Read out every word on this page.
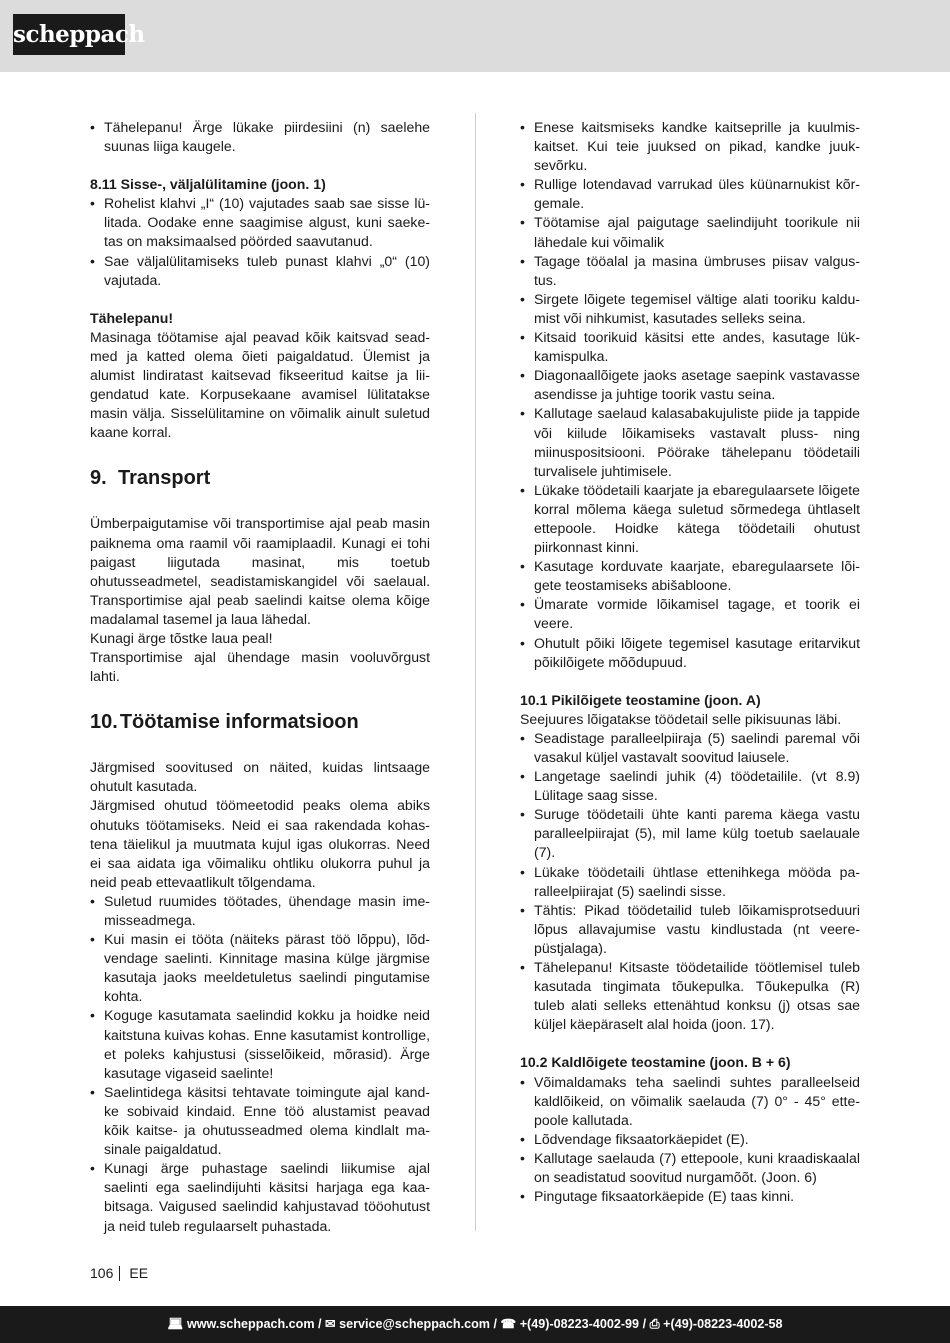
scheppach
• Tähelepanu! Ärge lükake piirdesiini (n) saelehe suunas liiga kaugele.

8.11 Sisse-, väljalülitamine (joon. 1)

• Rohelist klahvi „I“ (10) vajutades saab sae sisse lülitada. Oodake enne saagimise algust, kuni saeketas on maksimaalsed pöörded saavutanud.
• Sae väljalülitamiseks tuleb punast klahvi „0“ (10) vajutada.

Tähelepanu!

Masinaga töötamise ajal peavad kõik kaitsvad seadmed ja katted olema õieti paigaldatud. Ülemist ja alumist lindiratast kaitsevad fikseeritud kaitse ja liigendatud kate. Korpusekaane avamisel lülitatakse masin välja. Sisselülitamine on võimalik ainult suletud kaane korral.

9. Transport

Ümberpaigutamise või transportimise ajal peab masin paiknema oma raamil või raamiplaadil. Kunagi ei tohi paigast liigutada masinat, mis toetub ohutusseadmetel, seadistamiskangidel või saelaual. Transportimise ajal peab saelindi kaitse olema kõige madalamal tasemel ja laua lähedal.

Kunagi ärge tõstke laua peal!

Transportimise ajal ühendage masin vooluvõrgust lahti.

10. Töötamise informatsioon

Järgmised soovitused on näited, kuidas lintsaage ohutult kasutada.

Järgmised ohutud töömeetodid peaks olema abiks ohutuks töötamiseks. Neid ei saa rakendada kohastena täielikul ja muutmata kujul igas olukorras. Need ei saa aidata iga võimaliku ohtliku olukorra puhul ja neid peab ettevaatlikult tõlgendama.

• Suletud ruumides töötades, ühendage masin imemisseadmega.
• Kui masin ei tööta (näiteks pärast töö lõppu), lõdvendage saelinti. Kinnitage masina külge järgmise kasutaja jaoks meeldetuletus saelindi pingutamise kohta.
• Koguge kasutamata saelindid kokku ja hoidke neid kaitstuna kuivas kohas. Enne kasutamist kontrollige, et poleks kahjustusi (sisselõikeid, mõrasid). Ärge kasutage vigaseid saelinte!
• Saelintidega käsitsi tehtavate toimingute ajal kandke sobivaid kindaid. Enne töö alustamist peavad kõik kaitse- ja ohutusseadmed olema kindlalt masinale paigaldatud.
• Kunagi ärge puhastage saelindi liikumise ajal saelinti ega saelindijuhti käsitsi harjaga ega kaabitsaga. Vaigused saelindid kahjustavad tööohutust ja neid tuleb regulaarselt puhastada.
• Enese kaitsmiseks kandke kaitseprille ja kuulmiskaitset. Kui teie juuksed on pikad, kandke juuksevõrku.
• Rullige lotendavad varrukad üles küünarnukist kõrgemale.
• Töötamise ajal paigutage saelindijuht toorikule nii lähedale kui võimalik
• Tagage tööalal ja masina ümbruses piisav valgustus.
• Sirgete lõigete tegemisel vältige alati tooriku kaldumist või nihkumist, kasutades selleks seina.
• Kitsaid toorikuid käsitsi ette andes, kasutage lükkamispulka.
• Diagonaallõigete jaoks asetage saepink vastavasse asendisse ja juhtige toorik vastu seina.
• Kallutage saelaud kalasabakujuliste piide ja tappide või kiilude lõikamiseks vastavalt pluss- ning miinuspositsiooni. Pöörake tähelepanu töödetaili turvalisele juhtimisele.
• Lükake töödetaili kaarjate ja ebaregulaarsete lõigete korral mõlema käega suletud sõrmedega ühtlaselt ettepoole. Hoidke kätega töödetaili ohutust piirkonnast kinni.
• Kasutage korduvate kaarjate, ebaregulaarsete lõigete teostamiseks abišabloone.
• Ümarate vormide lõikamisel tagage, et toorik ei veere.
• Ohutult põiki lõigete tegemisel kasutage eritarvikut põikilõigete mõõdupuud.

10.1 Pikilõigete teostamine (joon. A)

Seejuures lõigatakse töödetail selle pikisuunas läbi.

• Seadistage paralleelpiiraja (5) saelindi paremal või vasakul küljel vastavalt soovitud laiusele.
• Langetage saelindi juhik (4) töödetailile. (vt 8.9) Lülitage saag sisse.
• Suruge töödetaili ühte kanti parema käega vastu paralleelpiirajat (5), mil lame külg toetub saelauale (7).
• Lükake töödetaili ühtlase ettenihkega mööda paralleelpiirajat (5) saelindi sisse.
• Tähtis: Pikad töödetailid tuleb lõikamisprotseduuri lõpus allavajumise vastu kindlustada (nt veere-püstjalaga).
• Tähelepanu! Kitsaste töödetailide töötlemisel tuleb kasutada tingimata tõukepulka. Tõukepulka (R) tuleb alati selleks ettenähtud konksu (j) otsas sae küljel käepäraselt alal hoida (joon. 17).

10.2 Kaldlõigete teostamine (joon. B + 6)

• Võimaldamaks teha saelindi suhtes paralleelseid kaldlõikeid, on võimalik saelauda (7) 0° - 45° ettepoole kallutada.
• Lõdvendage fiksaatorkäepidet (E).
• Kallutage saelauda (7) ettepoole, kuni kraadiskaalal on seadistatud soovitud nurgamõõt. (Joon. 6)
• Pingutage fiksaatorkäepide (E) taas kinni.
106 EE
💻︎ www.scheppach.com / ✉︎ service@scheppach.com / ☎︎ +(49)-08223-4002-99 / ⎙ +(49)-08223-4002-58
